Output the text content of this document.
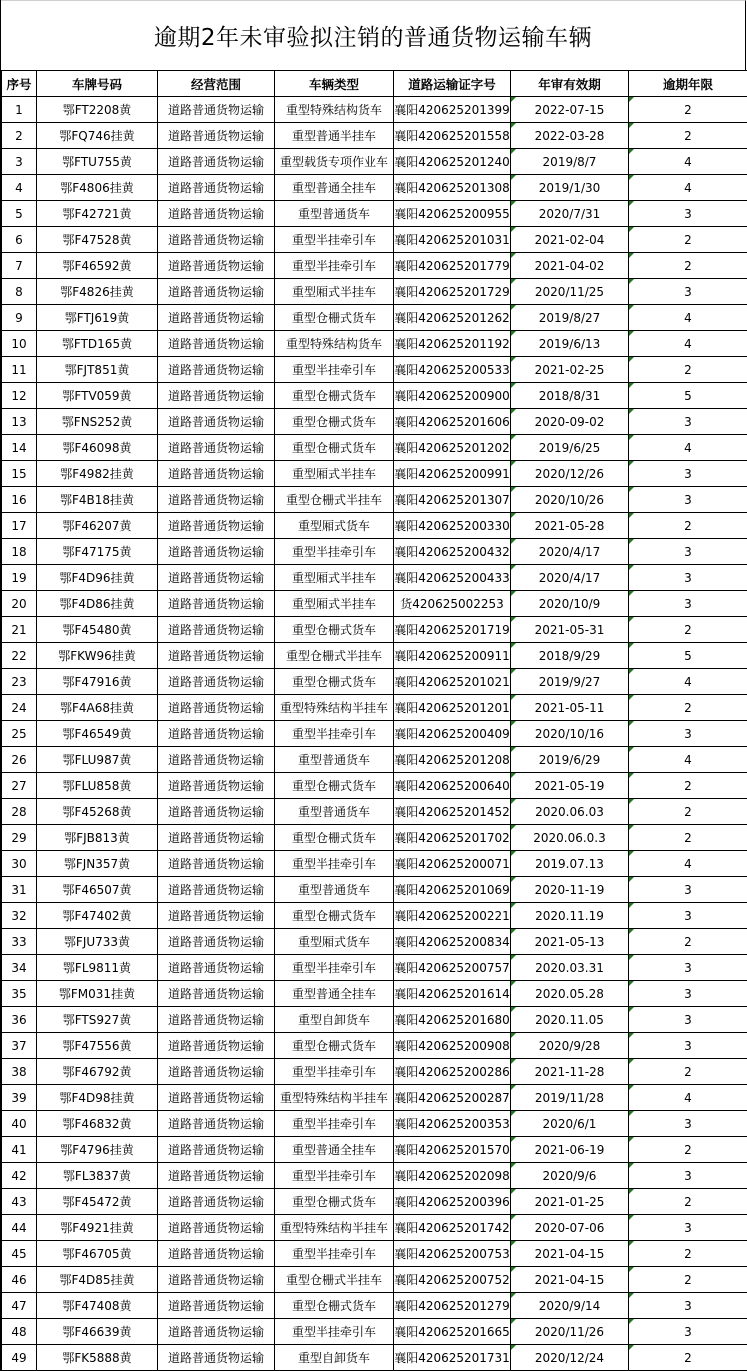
逾期2年未审验拟注销的普通货物运输车辆
序号	车牌号码	经营范围	车辆类型	道路运输证字号	年审有效期	逾期年限
1	鄂FT2208黄	道路普通货物运输	重型特殊结构货车	襄阳420625201399	2022-07-15	2
2	鄂FQ746挂黄	道路普通货物运输	重型普通半挂车	襄阳420625201558	2022-03-28	2
3	鄂FTU755黄	道路普通货物运输	重型载货专项作业车	襄阳420625201240	2019/8/7	4
4	鄂F4806挂黄	道路普通货物运输	重型普通全挂车	襄阳420625201308	2019/1/30	4
5	鄂F42721黄	道路普通货物运输	重型普通货车	襄阳420625200955	2020/7/31	3
6	鄂F47528黄	道路普通货物运输	重型半挂牵引车	襄阳420625201031	2021-02-04	2
7	鄂F46592黄	道路普通货物运输	重型半挂牵引车	襄阳420625201779	2021-04-02	2
8	鄂F4826挂黄	道路普通货物运输	重型厢式半挂车	襄阳420625201729	2020/11/25	3
9	鄂FTJ619黄	道路普通货物运输	重型仓栅式货车	襄阳420625201262	2019/8/27	4
10	鄂FTD165黄	道路普通货物运输	重型特殊结构货车	襄阳420625201192	2019/6/13	4
11	鄂FJT851黄	道路普通货物运输	重型半挂牵引车	襄阳420625200533	2021-02-25	2
12	鄂FTV059黄	道路普通货物运输	重型仓栅式货车	襄阳420625200900	2018/8/31	5
13	鄂FNS252黄	道路普通货物运输	重型仓栅式货车	襄阳420625201606	2020-09-02	3
14	鄂F46098黄	道路普通货物运输	重型仓栅式货车	襄阳420625201202	2019/6/25	4
15	鄂F4982挂黄	道路普通货物运输	重型厢式半挂车	襄阳420625200991	2020/12/26	3
16	鄂F4B18挂黄	道路普通货物运输	重型仓栅式半挂车	襄阳420625201307	2020/10/26	3
17	鄂F46207黄	道路普通货物运输	重型厢式货车	襄阳420625200330	2021-05-28	2
18	鄂F47175黄	道路普通货物运输	重型半挂牵引车	襄阳420625200432	2020/4/17	3
19	鄂F4D96挂黄	道路普通货物运输	重型厢式半挂车	襄阳420625200433	2020/4/17	3
20	鄂F4D86挂黄	道路普通货物运输	重型厢式半挂车	货420625002253	2020/10/9	3
21	鄂F45480黄	道路普通货物运输	重型仓栅式货车	襄阳420625201719	2021-05-31	2
22	鄂FKW96挂黄	道路普通货物运输	重型仓栅式半挂车	襄阳420625200911	2018/9/29	5
23	鄂F47916黄	道路普通货物运输	重型仓栅式货车	襄阳420625201021	2019/9/27	4
24	鄂F4A68挂黄	道路普通货物运输	重型特殊结构半挂车	襄阳420625201201	2021-05-11	2
25	鄂F46549黄	道路普通货物运输	重型半挂牵引车	襄阳420625200409	2020/10/16	3
26	鄂FLU987黄	道路普通货物运输	重型普通货车	襄阳420625201208	2019/6/29	4
27	鄂FLU858黄	道路普通货物运输	重型仓栅式货车	襄阳420625200640	2021-05-19	2
28	鄂F45268黄	道路普通货物运输	重型普通货车	襄阳420625201452	2020.06.03	2
29	鄂FJB813黄	道路普通货物运输	重型仓栅式货车	襄阳420625201702	2020.06.0.3	2
30	鄂FJN357黄	道路普通货物运输	重型半挂牵引车	襄阳420625200071	2019.07.13	4
31	鄂F46507黄	道路普通货物运输	重型普通货车	襄阳420625201069	2020-11-19	3
32	鄂F47402黄	道路普通货物运输	重型仓栅式货车	襄阳420625200221	2020.11.19	3
33	鄂FJU733黄	道路普通货物运输	重型厢式货车	襄阳420625200834	2021-05-13	2
34	鄂FL9811黄	道路普通货物运输	重型半挂牵引车	襄阳420625200757	2020.03.31	3
35	鄂FM031挂黄	道路普通货物运输	重型普通全挂车	襄阳420625201614	2020.05.28	3
36	鄂FTS927黄	道路普通货物运输	重型自卸货车	襄阳420625201680	2020.11.05	3
37	鄂F47556黄	道路普通货物运输	重型仓栅式货车	襄阳420625200908	2020/9/28	3
38	鄂F46792黄	道路普通货物运输	重型半挂牵引车	襄阳420625200286	2021-11-28	2
39	鄂F4D98挂黄	道路普通货物运输	重型特殊结构半挂车	襄阳420625200287	2019/11/28	4
40	鄂F46832黄	道路普通货物运输	重型半挂牵引车	襄阳420625200353	2020/6/1	3
41	鄂F4796挂黄	道路普通货物运输	重型普通全挂车	襄阳420625201570	2021-06-19	2
42	鄂FL3837黄	道路普通货物运输	重型半挂牵引车	襄阳420625202098	2020/9/6	3
43	鄂F45472黄	道路普通货物运输	重型仓栅式货车	襄阳420625200396	2021-01-25	2
44	鄂F4921挂黄	道路普通货物运输	重型特殊结构半挂车	襄阳420625201742	2020-07-06	3
45	鄂F46705黄	道路普通货物运输	重型半挂牵引车	襄阳420625200753	2021-04-15	2
46	鄂F4D85挂黄	道路普通货物运输	重型仓栅式半挂车	襄阳420625200752	2021-04-15	2
47	鄂F47408黄	道路普通货物运输	重型仓栅式货车	襄阳420625201279	2020/9/14	3
48	鄂F46639黄	道路普通货物运输	重型半挂牵引车	襄阳420625201665	2020/11/26	3
49	鄂FK5888黄	道路普通货物运输	重型自卸货车	襄阳420625201731	2020/12/24	2
